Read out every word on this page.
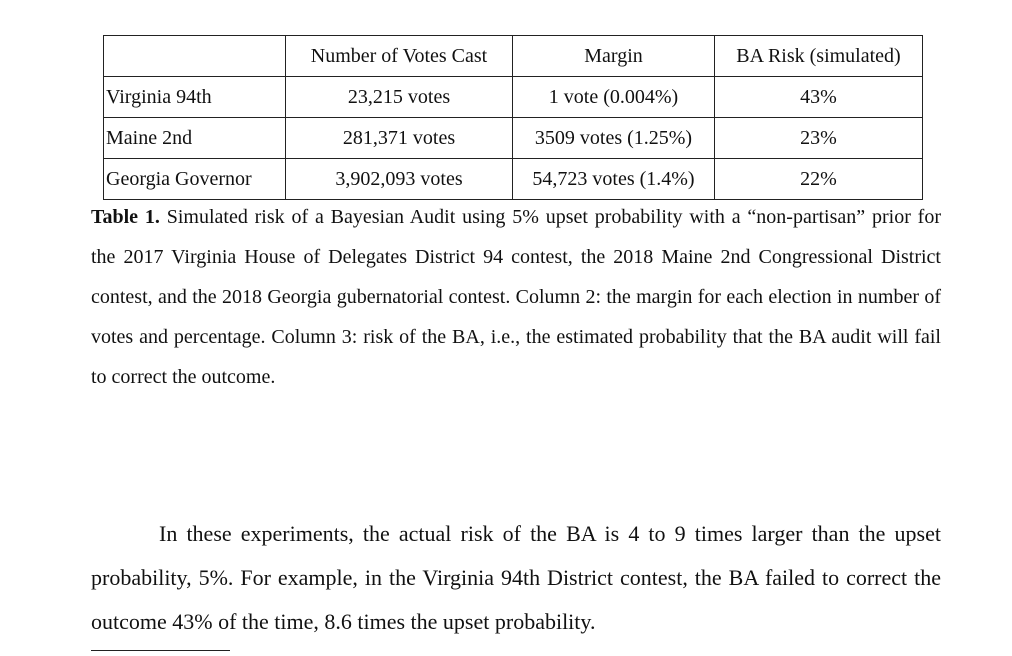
	Number of Votes Cast	Margin	BA Risk (simulated)
Virginia 94th	23,215 votes	1 vote (0.004%)	43%
Maine 2nd	281,371 votes	3509 votes (1.25%)	23%
Georgia Governor	3,902,093 votes	54,723 votes (1.4%)	22%

Table 1. Simulated risk of a Bayesian Audit using 5% upset probability with a “non-partisan” prior for the 2017 Virginia House of Delegates District 94 contest, the 2018 Maine 2nd Congressional District contest, and the 2018 Georgia gubernatorial contest. Column 2: the margin for each election in number of votes and percentage. Column 3: risk of the BA, i.e., the estimated probability that the BA audit will fail to correct the outcome.

In these experiments, the actual risk of the BA is 4 to 9 times larger than the upset probability, 5%. For example, in the Virginia 94th District contest, the BA failed to correct the outcome 43% of the time, 8.6 times the upset probability.
